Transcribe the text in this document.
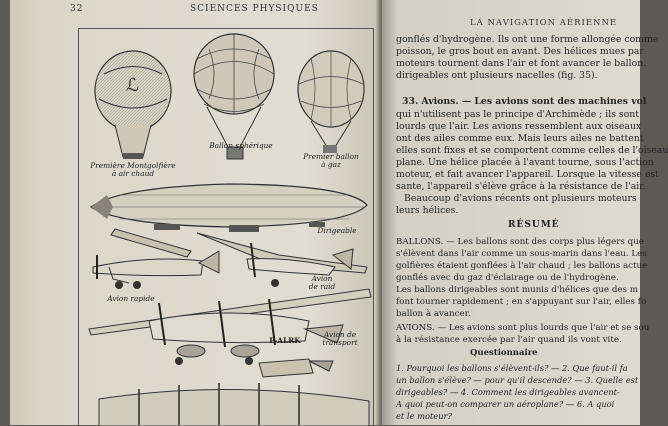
32	SCIENCES PHYSIQUES
ℒ
Première Montgolfière
à air chaud
Ballon sphérique
Premier ballon
à gaz
Dirigeable
Avion
de raid
Avion rapide
Avion de transport
F-ALRK
LA NAVIGATION AÉRIENNE
gonflés d'hydrogène. Ils ont une forme allongée comme
poisson, le gros bout en avant. Des hélices mues par
moteurs tournent dans l'air et font avancer le ballon.
dirigeables ont plusieurs nacelles (fig. 35).
33. Avions. — Les avions sont des machines vol
qui n'utilisent pas le principe d'Archimède ; ils sont
lourds que l'air. Les avions ressemblent aux oiseaux
ont des ailes comme eux. Mais leurs ailes ne battent
elles sont fixes et se comportent comme celles de l'oiseau
plane. Une hélice placée à l'avant tourne, sous l'action
moteur, et fait avancer l'appareil. Lorsque la vitesse est
sante, l'appareil s'élève grâce à la résistance de l'air.
Beaucoup d'avions récents ont plusieurs moteurs
leurs hélices.
RÉSUMÉ
BALLONS. — Les ballons sont des corps plus légers que
s'élèvent dans l'air comme un sous-marin dans l'eau. Les
golfières étaient gonflées à l'air chaud ; les ballons actue
gonflés avec du gaz d'éclairage ou de l'hydrogène.
Les ballons dirigeables sont munis d'hélices que des m
font tourner rapidement ; en s'appuyant sur l'air, elles fo
ballon à avancer.
AVIONS. — Les avions sont plus lourds que l'air et se sou
à la résistance exercée par l'air quand ils vont vite.
Questionnaire
1. Pourquoi les ballons s'élèvent-ils? — 2. Que faut-il fa
un ballon s'élève? — pour qu'il descende? — 3. Quelle est
dirigeables? — 4. Comment les dirigeables avancent-
A quoi peut-on comparer un aéroplane? — 6. A quoi
et le moteur?
